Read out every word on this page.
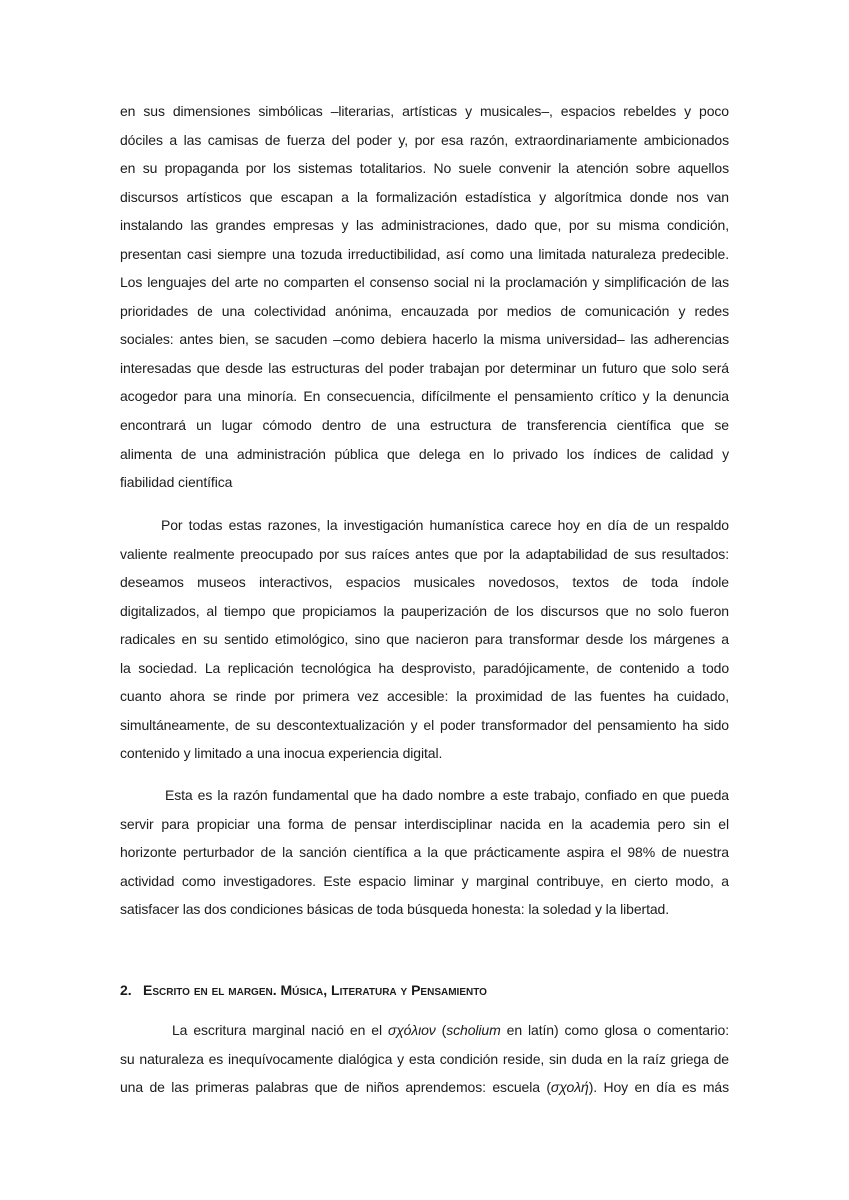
en sus dimensiones simbólicas –literarias, artísticas y musicales–, espacios rebeldes y poco
dóciles a las camisas de fuerza del poder y, por esa razón, extraordinariamente ambicionados
en su propaganda por los sistemas totalitarios. No suele convenir la atención sobre aquellos
discursos artísticos que escapan a la formalización estadística y algorítmica donde nos van
instalando las grandes empresas y las administraciones, dado que, por su misma condición,
presentan casi siempre una tozuda irreductibilidad, así como una limitada naturaleza predecible.
Los lenguajes del arte no comparten el consenso social ni la proclamación y simplificación de las
prioridades de una colectividad anónima, encauzada por medios de comunicación y redes
sociales: antes bien, se sacuden –como debiera hacerlo la misma universidad– las adherencias
interesadas que desde las estructuras del poder trabajan por determinar un futuro que solo será
acogedor para una minoría. En consecuencia, difícilmente el pensamiento crítico y la denuncia
encontrará un lugar cómodo dentro de una estructura de transferencia científica que se
alimenta de una administración pública que delega en lo privado los índices de calidad y
fiabilidad científica
Por todas estas razones, la investigación humanística carece hoy en día de un respaldo
valiente realmente preocupado por sus raíces antes que por la adaptabilidad de sus resultados:
deseamos museos interactivos, espacios musicales novedosos, textos de toda índole
digitalizados, al tiempo que propiciamos la pauperización de los discursos que no solo fueron
radicales en su sentido etimológico, sino que nacieron para transformar desde los márgenes a
la sociedad. La replicación tecnológica ha desprovisto, paradójicamente, de contenido a todo
cuanto ahora se rinde por primera vez accesible: la proximidad de las fuentes ha cuidado,
simultáneamente, de su descontextualización y el poder transformador del pensamiento ha sido
contenido y limitado a una inocua experiencia digital.
Esta es la razón fundamental que ha dado nombre a este trabajo, confiado en que pueda
servir para propiciar una forma de pensar interdisciplinar nacida en la academia pero sin el
horizonte perturbador de la sanción científica a la que prácticamente aspira el 98% de nuestra
actividad como investigadores. Este espacio liminar y marginal contribuye, en cierto modo, a
satisfacer las dos condiciones básicas de toda búsqueda honesta: la soledad y la libertad.
2. Escrito en el margen. Música, Literatura y Pensamiento
La escritura marginal nació en el σχόλιον (scholium en latín) como glosa o comentario:
su naturaleza es inequívocamente dialógica y esta condición reside, sin duda en la raíz griega de
una de las primeras palabras que de niños aprendemos: escuela (σχολή). Hoy en día es más
